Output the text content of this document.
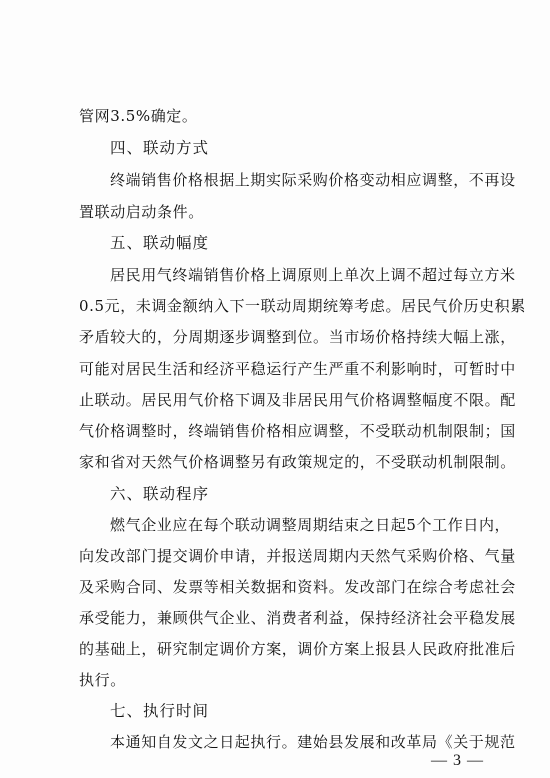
管网3.5%确定。
四、联动方式
终端销售价格根据上期实际采购价格变动相应调整，不再设
置联动启动条件。
五、联动幅度
居民用气终端销售价格上调原则上单次上调不超过每立方米
0.5元，未调金额纳入下一联动周期统筹考虑。居民气价历史积累
矛盾较大的，分周期逐步调整到位。当市场价格持续大幅上涨，
可能对居民生活和经济平稳运行产生严重不利影响时，可暂时中
止联动。居民用气价格下调及非居民用气价格调整幅度不限。配
气价格调整时，终端销售价格相应调整，不受联动机制限制；国
家和省对天然气价格调整另有政策规定的，不受联动机制限制。
六、联动程序
燃气企业应在每个联动调整周期结束之日起5个工作日内，
向发改部门提交调价申请，并报送周期内天然气采购价格、气量
及采购合同、发票等相关数据和资料。发改部门在综合考虑社会
承受能力，兼顾供气企业、消费者利益，保持经济社会平稳发展
的基础上，研究制定调价方案，调价方案上报县人民政府批准后
执行。
七、执行时间
本通知自发文之日起执行。建始县发展和改革局《关于规范
— 3 —
